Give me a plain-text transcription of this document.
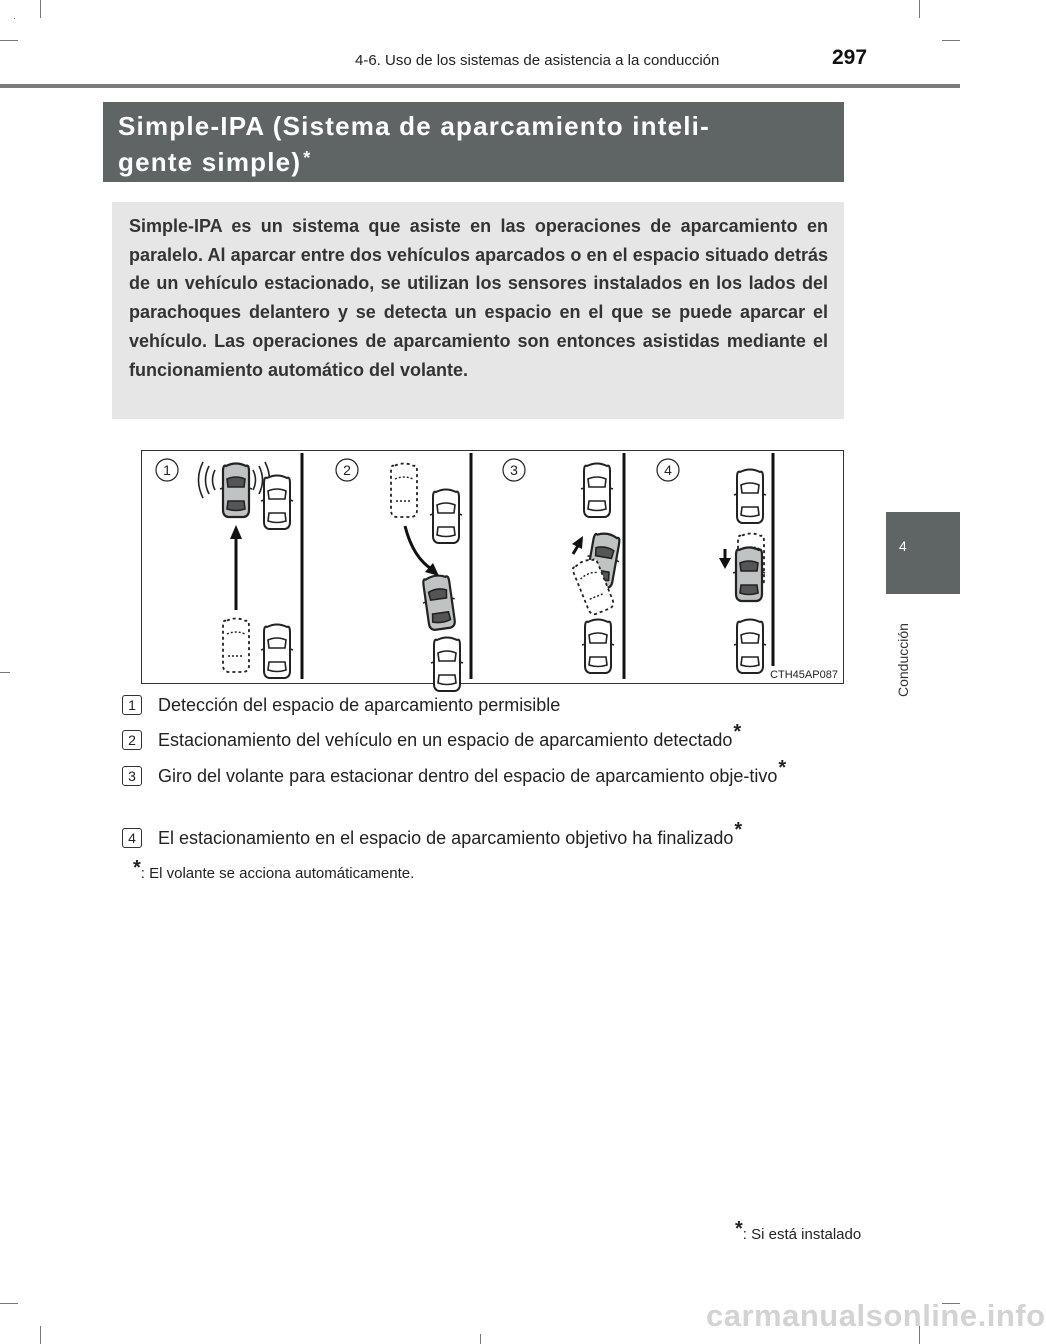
4-6. Uso de los sistemas de asistencia a la conducción	297
4
Conducción

Simple-IPA (Sistema de aparcamiento inteli-
gente simple) *

Simple-IPA es un sistema que asiste en las operaciones de aparcamiento en paralelo. Al aparcar entre dos vehículos aparcados o en el espacio situado detrás de un vehículo estacionado, se utilizan los sensores instalados en los lados del parachoques delantero y se detecta un espacio en el que se puede aparcar el vehículo. Las operaciones de aparcamiento son entonces asistidas mediante el funcionamiento automático del volante.

1	2	3	4
CTH45AP087
1	Detección del espacio de aparcamiento permisible
2	Estacionamiento del vehículo en un espacio de aparcamiento detectado*
3	Giro del volante para estacionar dentro del espacio de aparcamiento obje-tivo*
4	El estacionamiento en el espacio de aparcamiento objetivo ha finalizado*
*: El volante se acciona automáticamente.
*: Si está instalado
carmanualsonline.info
